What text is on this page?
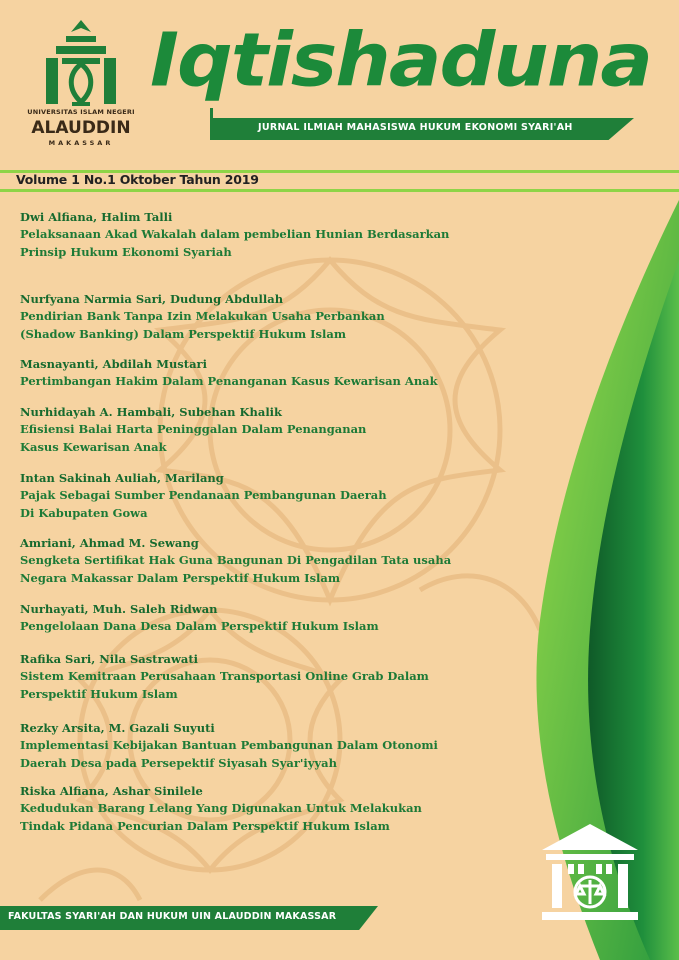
UNIVERSITAS ISLAM NEGERI
ALAUDDIN
MAKASSAR
Iqtishaduna
JURNAL ILMIAH MAHASISWA HUKUM EKONOMI SYARI'AH
Volume 1 No.1 Oktober Tahun 2019
Dwi Alfiana, Halim Talli
Pelaksanaan Akad Wakalah dalam pembelian Hunian Berdasarkan
Prinsip Hukum Ekonomi Syariah
Nurfyana Narmia Sari, Dudung Abdullah
Pendirian Bank Tanpa Izin Melakukan Usaha Perbankan
(Shadow Banking) Dalam Perspektif Hukum Islam
Masnayanti, Abdilah Mustari
Pertimbangan Hakim Dalam Penanganan Kasus Kewarisan Anak
Nurhidayah A. Hambali, Subehan Khalik
Efisiensi Balai Harta Peninggalan Dalam Penanganan
Kasus Kewarisan Anak
Intan Sakinah Auliah, Marilang
Pajak Sebagai Sumber Pendanaan Pembangunan Daerah
Di Kabupaten Gowa
Amriani, Ahmad M. Sewang
Sengketa Sertifikat Hak Guna Bangunan Di Pengadilan Tata usaha
Negara Makassar Dalam Perspektif Hukum Islam
Nurhayati, Muh. Saleh Ridwan
Pengelolaan Dana Desa Dalam Perspektif Hukum Islam
Rafika Sari, Nila Sastrawati
Sistem Kemitraan Perusahaan Transportasi Online Grab Dalam
Perspektif Hukum Islam
Rezky Arsita, M. Gazali Suyuti
Implementasi Kebijakan Bantuan Pembangunan Dalam Otonomi
Daerah Desa pada Persepektif Siyasah Syar'iyyah
Riska Alfiana, Ashar Sinilele
Kedudukan Barang Lelang Yang Digunakan Untuk Melakukan
Tindak Pidana Pencurian Dalam Perspektif Hukum Islam
FAKULTAS SYARI'AH DAN HUKUM UIN ALAUDDIN MAKASSAR
